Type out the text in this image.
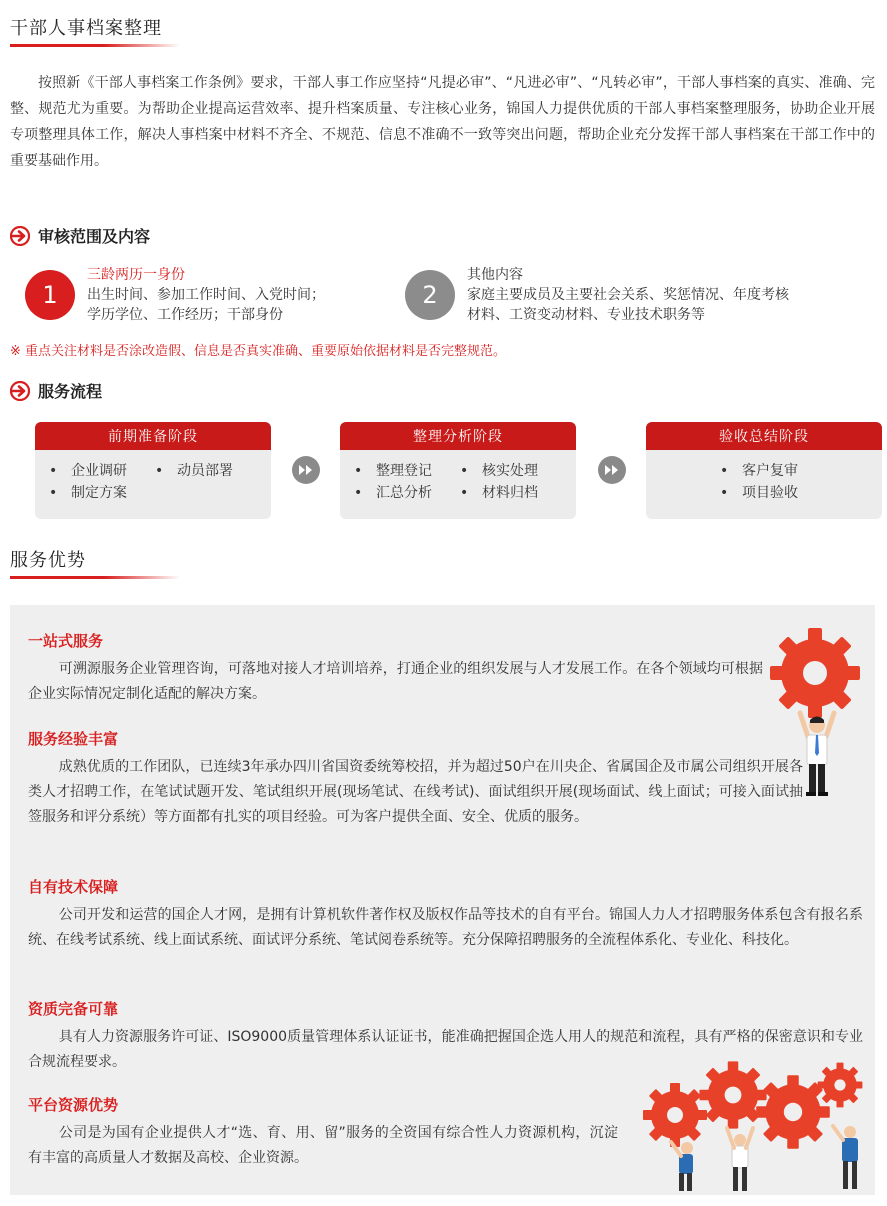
干部人事档案整理

按照新《干部人事档案工作条例》要求，干部人事工作应坚持“凡提必审”、“凡进必审”、“凡转必审”，干部人事档案的真实、准确、完整、规范尤为重要。为帮助企业提高运营效率、提升档案质量、专注核心业务，锦国人力提供优质的干部人事档案整理服务，协助企业开展专项整理具体工作，解决人事档案中材料不齐全、不规范、信息不准确不一致等突出问题，帮助企业充分发挥干部人事档案在干部工作中的重要基础作用。

审核范围及内容
1
三龄两历一身份
出生时间、参加工作时间、入党时间；
学历学位、工作经历；干部身份
2
其他内容
家庭主要成员及主要社会关系、奖惩情况、年度考核
材料、工资变动材料、专业技术职务等
※ 重点关注材料是否涂改造假、信息是否真实准确、重要原始依据材料是否完整规范。
服务流程
前期准备阶段
• 企业调研	• 动员部署
• 制定方案
整理分析阶段
• 整理登记	• 核实处理
• 汇总分析	• 材料归档
验收总结阶段
• 客户复审
• 项目验收
服务优势
一站式服务

可溯源服务企业管理咨询，可落地对接人才培训培养，打通企业的组织发展与人才发展工作。在各个领域均可根据企业实际情况定制化适配的解决方案。

服务经验丰富

成熟优质的工作团队，已连续3年承办四川省国资委统筹校招，并为超过50户在川央企、省属国企及市属公司组织开展各类人才招聘工作，在笔试试题开发、笔试组织开展(现场笔试、在线考试)、面试组织开展(现场面试、线上面试；可接入面试抽签服务和评分系统）等方面都有扎实的项目经验。可为客户提供全面、安全、优质的服务。

自有技术保障

公司开发和运营的国企人才网，是拥有计算机软件著作权及版权作品等技术的自有平台。锦国人力人才招聘服务体系包含有报名系统、在线考试系统、线上面试系统、面试评分系统、笔试阅卷系统等。充分保障招聘服务的全流程体系化、专业化、科技化。

资质完备可靠

具有人力资源服务许可证、ISO9000质量管理体系认证证书，能准确把握国企选人用人的规范和流程，具有严格的保密意识和专业合规流程要求。

平台资源优势

公司是为国有企业提供人才“选、育、用、留”服务的全资国有综合性人力资源机构，沉淀有丰富的高质量人才数据及高校、企业资源。
